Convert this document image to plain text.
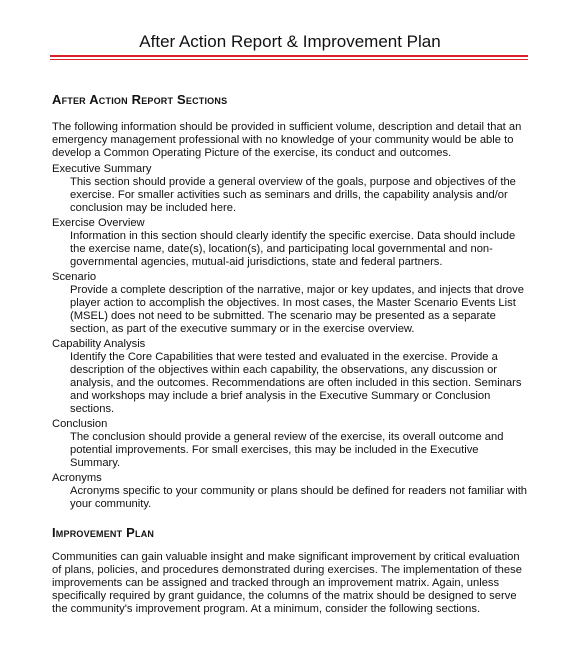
After Action Report & Improvement Plan
After Action Report Sections

The following information should be provided in sufficient volume, description and detail that an emergency management professional with no knowledge of your community would be able to develop a Common Operating Picture of the exercise, its conduct and outcomes.

Executive Summary

This section should provide a general overview of the goals, purpose and objectives of the exercise. For smaller activities such as seminars and drills, the capability analysis and/or conclusion may be included here.

Exercise Overview

Information in this section should clearly identify the specific exercise. Data should include the exercise name, date(s), location(s), and participating local governmental and non-governmental agencies, mutual-aid jurisdictions, state and federal partners.

Scenario

Provide a complete description of the narrative, major or key updates, and injects that drove player action to accomplish the objectives. In most cases, the Master Scenario Events List (MSEL) does not need to be submitted. The scenario may be presented as a separate section, as part of the executive summary or in the exercise overview.

Capability Analysis

Identify the Core Capabilities that were tested and evaluated in the exercise. Provide a description of the objectives within each capability, the observations, any discussion or analysis, and the outcomes. Recommendations are often included in this section. Seminars and workshops may include a brief analysis in the Executive Summary or Conclusion sections.

Conclusion

The conclusion should provide a general review of the exercise, its overall outcome and potential improvements. For small exercises, this may be included in the Executive Summary.

Acronyms

Acronyms specific to your community or plans should be defined for readers not familiar with your community.

Improvement Plan

Communities can gain valuable insight and make significant improvement by critical evaluation of plans, policies, and procedures demonstrated during exercises. The implementation of these improvements can be assigned and tracked through an improvement matrix. Again, unless specifically required by grant guidance, the columns of the matrix should be designed to serve the community's improvement program. At a minimum, consider the following sections.
